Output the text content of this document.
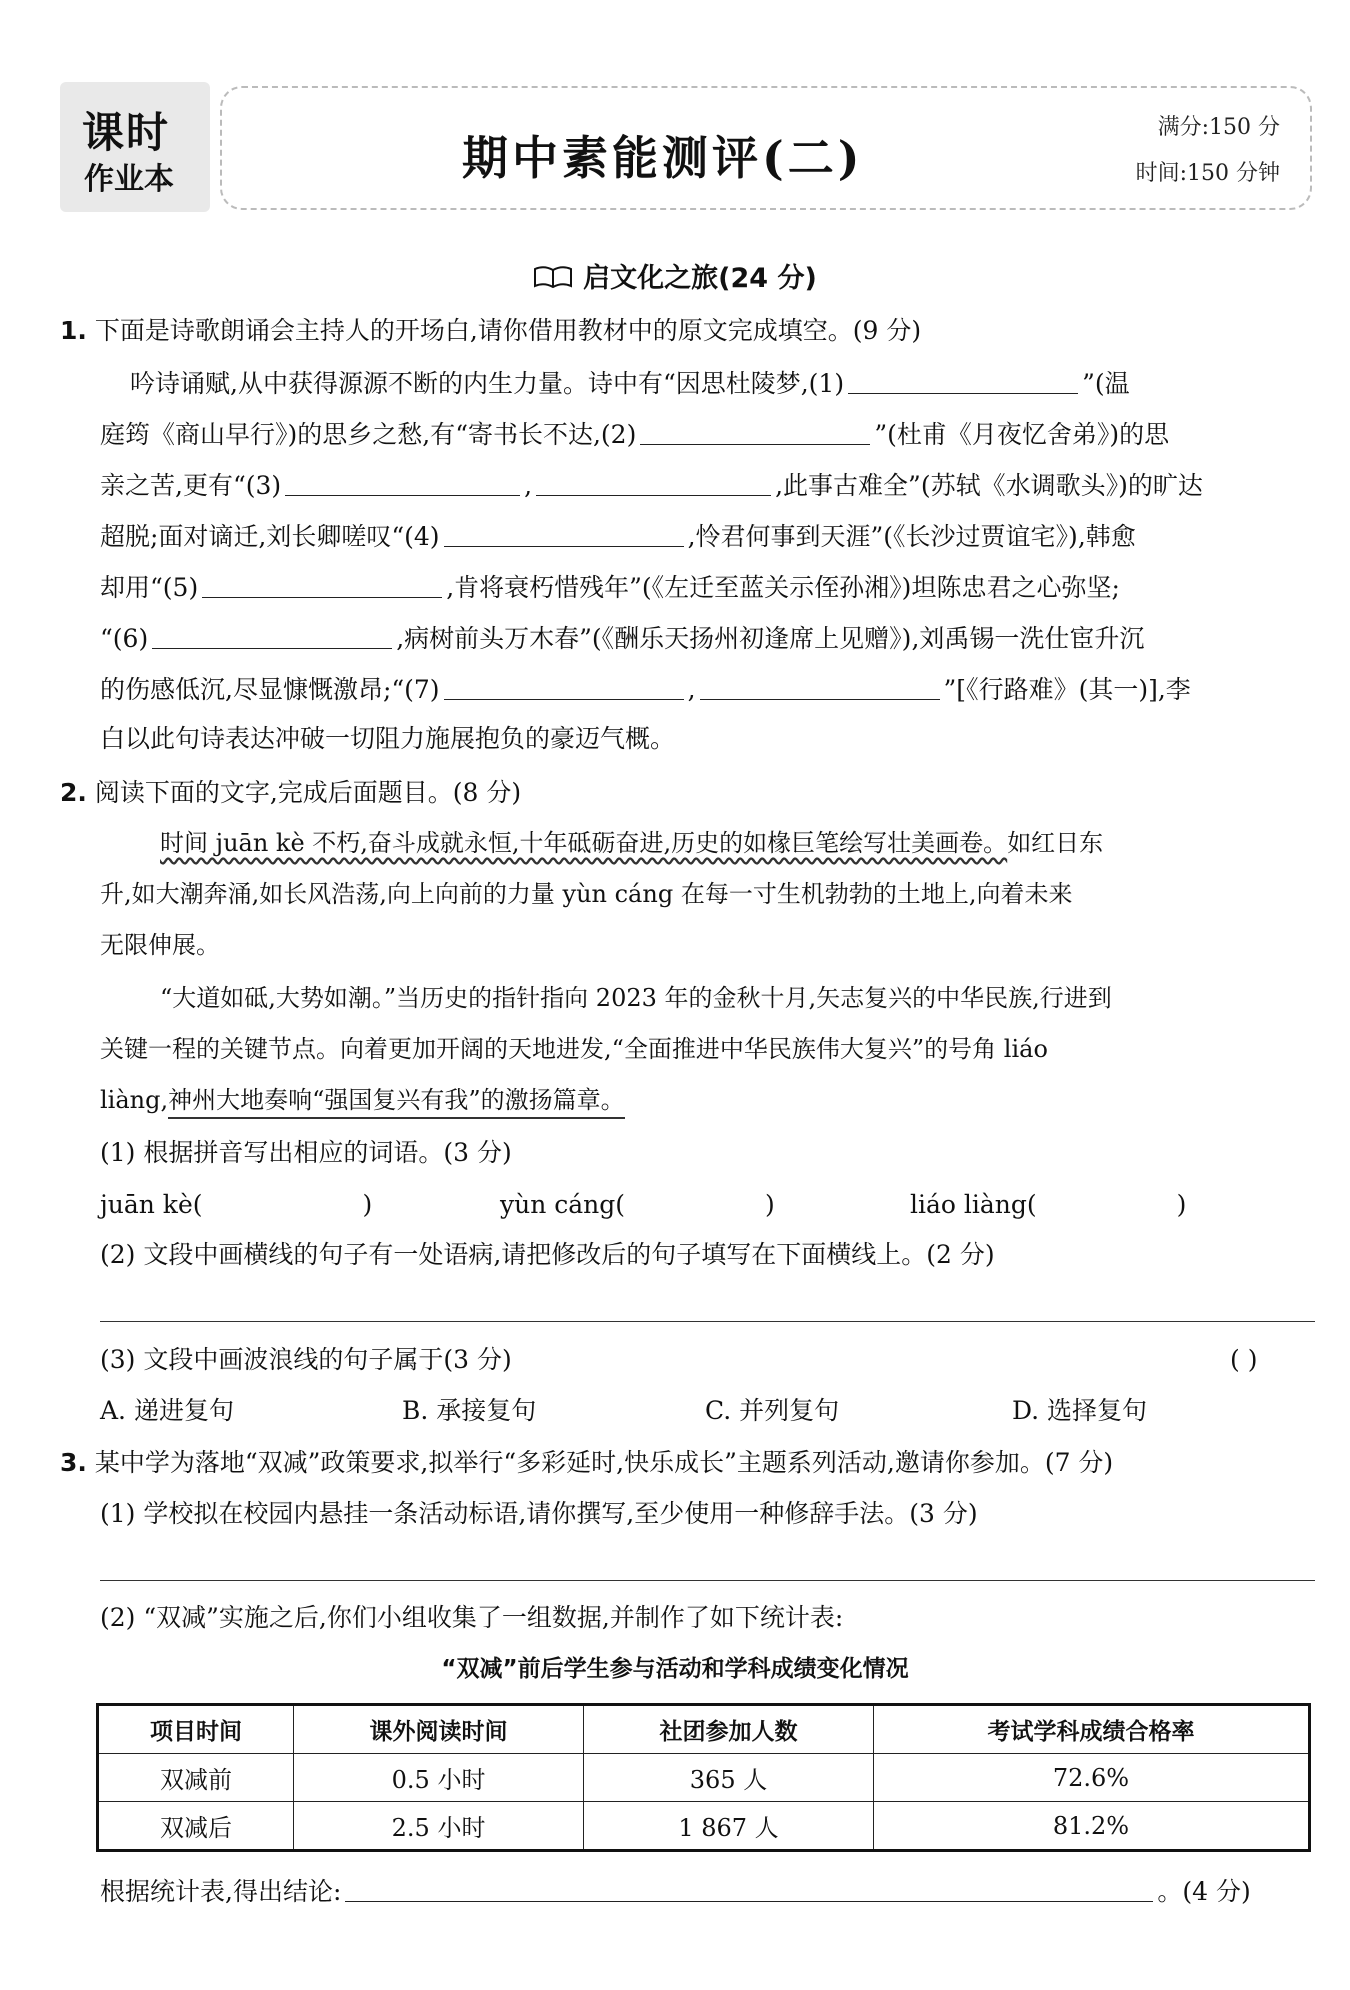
课时
作业本	期中素能测评(二)
满分:150 分
时间:150 分钟
启文化之旅(24 分)
1. 下面是诗歌朗诵会主持人的开场白,请你借用教材中的原文完成填空。(9 分)
吟诗诵赋,从中获得源源不断的内生力量。诗中有“因思杜陵梦,(1)	”(温
庭筠《商山早行》)的思乡之愁,有“寄书长不达,(2)	”(杜甫《月夜忆舍弟》)的思
亲之苦,更有“(3)	,	,此事古难全”(苏轼《水调歌头》)的旷达
超脱;面对谪迁,刘长卿嗟叹“(4)	,怜君何事到天涯”(《长沙过贾谊宅》),韩愈
却用“(5)	,肯将衰朽惜残年”(《左迁至蓝关示侄孙湘》)坦陈忠君之心弥坚;
“(6)	,病树前头万木春”(《酬乐天扬州初逢席上见赠》),刘禹锡一洗仕宦升沉
的伤感低沉,尽显慷慨激昂;“(7)	,	”[《行路难》(其一)],李
白以此句诗表达冲破一切阻力施展抱负的豪迈气概。
2. 阅读下面的文字,完成后面题目。(8 分)
时间 juān kè 不朽,奋斗成就永恒,十年砥砺奋进,历史的如椽巨笔绘写壮美画卷。如红日东
升,如大潮奔涌,如长风浩荡,向上向前的力量 yùn cáng 在每一寸生机勃勃的土地上,向着未来
无限伸展。
“大道如砥,大势如潮。”当历史的指针指向 2023 年的金秋十月,矢志复兴的中华民族,行进到
关键一程的关键节点。向着更加开阔的天地进发,“全面推进中华民族伟大复兴”的号角 liáo
liàng,神州大地奏响“强国复兴有我”的激扬篇章。
(1) 根据拼音写出相应的词语。(3 分)
juān kè(	)	yùn cáng(	)	liáo liàng(	)
(2) 文段中画横线的句子有一处语病,请把修改后的句子填写在下面横线上。(2 分)
(3) 文段中画波浪线的句子属于(3 分)	( )
A. 递进复句	B. 承接复句	C. 并列复句	D. 选择复句
3. 某中学为落地“双减”政策要求,拟举行“多彩延时,快乐成长”主题系列活动,邀请你参加。(7 分)
(1) 学校拟在校园内悬挂一条活动标语,请你撰写,至少使用一种修辞手法。(3 分)
(2) “双减”实施之后,你们小组收集了一组数据,并制作了如下统计表:
“双减”前后学生参与活动和学科成绩变化情况
项目时间	课外阅读时间	社团参加人数	考试学科成绩合格率
双减前	0.5 小时	365 人	72.6%
双减后	2.5 小时	1 867 人	81.2%
根据统计表,得出结论:	。(4 分)
